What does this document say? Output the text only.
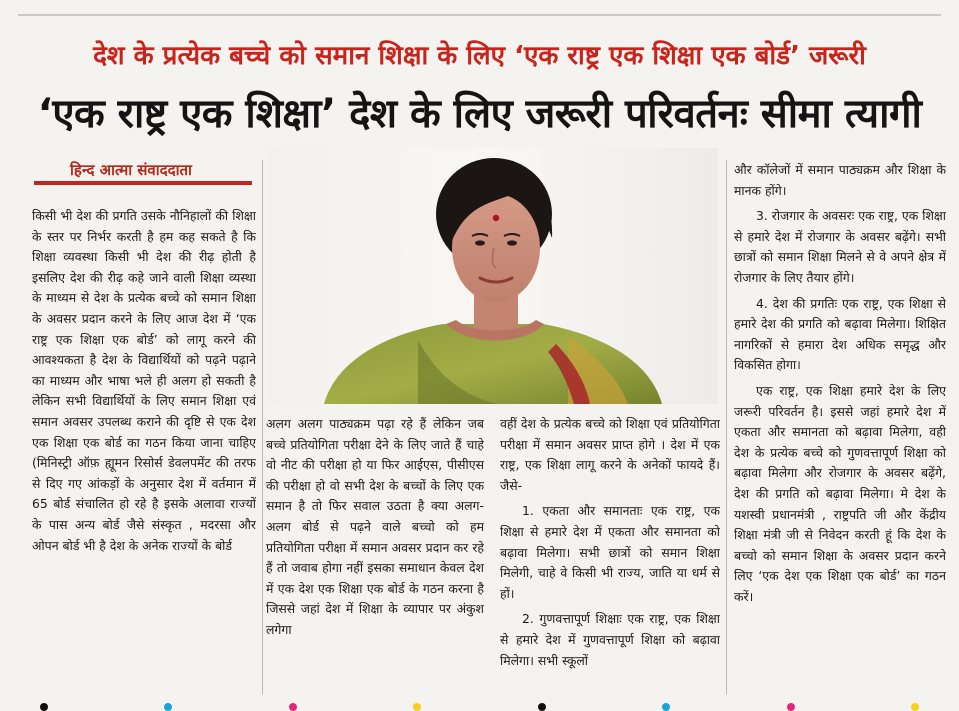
देश के प्रत्येक बच्चे को समान शिक्षा के लिए ‘एक राष्ट्र एक शिक्षा एक बोर्ड’ जरूरी
‘एक राष्ट्र एक शिक्षा’ देश के लिए जरूरी परिवर्तनः सीमा त्यागी
हिन्द आत्मा संवाददाता

किसी भी देश की प्रगति उसके नौनिहालों की शिक्षा के स्तर पर निर्भर करती है हम कह सकते है कि शिक्षा व्यवस्था किसी भी देश की रीढ़ होती है इसलिए देश की रीढ़ कहे जाने वाली शिक्षा व्यस्था के माध्यम से देश के प्रत्येक बच्चे को समान शिक्षा के अवसर प्रदान करने के लिए आज देश में ‘एक राष्ट्र एक शिक्षा एक बोर्ड’ को लागू करने की आवश्यकता है देश के विद्यार्थियों को पढ़ने पढ़ाने का माध्यम और भाषा भले ही अलग हो सकती है लेकिन सभी विद्यार्थियों के लिए समान शिक्षा एवं समान अवसर उपलब्ध कराने की दृष्टि से एक देश एक शिक्षा एक बोर्ड का गठन किया जाना चाहिए (मिनिस्ट्री ऑफ़ ह्यूमन रिसोर्स डेवलपमेंट की तरफ से दिए गए आंकड़ों के अनुसार देश में वर्तमान में 65 बोर्ड संचालित हो रहे है इसके अलावा राज्यों के पास अन्य बोर्ड जैसे संस्कृत , मदरसा और ओपन बोर्ड भी है देश के अनेक राज्यों के बोर्ड

अलग अलग पाठ्यक्रम पढ़ा रहे हैं लेकिन जब बच्चे प्रतियोगिता परीक्षा देने के लिए जाते हैं चाहे वो नीट की परीक्षा हो या फिर आईएस, पीसीएस की परीक्षा हो वो सभी देश के बच्चों के लिए एक समान है तो फिर सवाल उठता है क्या अलग-अलग बोर्ड से पढ़ने वाले बच्चो को हम प्रतियोगिता परीक्षा में समान अवसर प्रदान कर रहे हैं तो जवाब होगा नहीं इसका समाधान केवल देश में एक देश एक शिक्षा एक बोर्ड के गठन करना है जिससे जहां देश में शिक्षा के व्यापार पर अंकुश लगेगा

वहीं देश के प्रत्येक बच्चे को शिक्षा एवं प्रतियोगिता परीक्षा में समान अवसर प्राप्त होगे । देश में एक राष्ट्र, एक शिक्षा लागू करने के अनेकों फायदे हैं। जैसे-

1. एकता और समानताः एक राष्ट्र, एक शिक्षा से हमारे देश में एकता और समानता को बढ़ावा मिलेगा। सभी छात्रों को समान शिक्षा मिलेगी, चाहे वे किसी भी राज्य, जाति या धर्म से हों।

2. गुणवत्तापूर्ण शिक्षाः एक राष्ट्र, एक शिक्षा से हमारे देश में गुणवत्तापूर्ण शिक्षा को बढ़ावा मिलेगा। सभी स्कूलों

और कॉलेजों में समान पाठ्यक्रम और शिक्षा के मानक होंगे।

3. रोजगार के अवसरः एक राष्ट्र, एक शिक्षा से हमारे देश में रोजगार के अवसर बढ़ेंगे। सभी छात्रों को समान शिक्षा मिलने से वे अपने क्षेत्र में रोजगार के लिए तैयार होंगे।

4. देश की प्रगतिः एक राष्ट्र, एक शिक्षा से हमारे देश की प्रगति को बढ़ावा मिलेगा। शिक्षित नागरिकों से हमारा देश अधिक समृद्ध और विकसित होगा।

एक राष्ट्र, एक शिक्षा हमारे देश के लिए जरूरी परिवर्तन है। इससे जहां हमारे देश में एकता और समानता को बढ़ावा मिलेगा, वही देश के प्रत्येक बच्चे को गुणवत्तापूर्ण शिक्षा को बढ़ावा मिलेगा और रोजगार के अवसर बढ़ेंगे, देश की प्रगति को बढ़ावा मिलेगा। मे देश के यशस्वी प्रधानमंत्री , राष्ट्रपति जी और केंद्रीय शिक्षा मंत्री जी से निवेदन करती हूं कि देश के बच्चो को समान शिक्षा के अवसर प्रदान करने लिए ‘एक देश एक शिक्षा एक बोर्ड’ का गठन करें।
